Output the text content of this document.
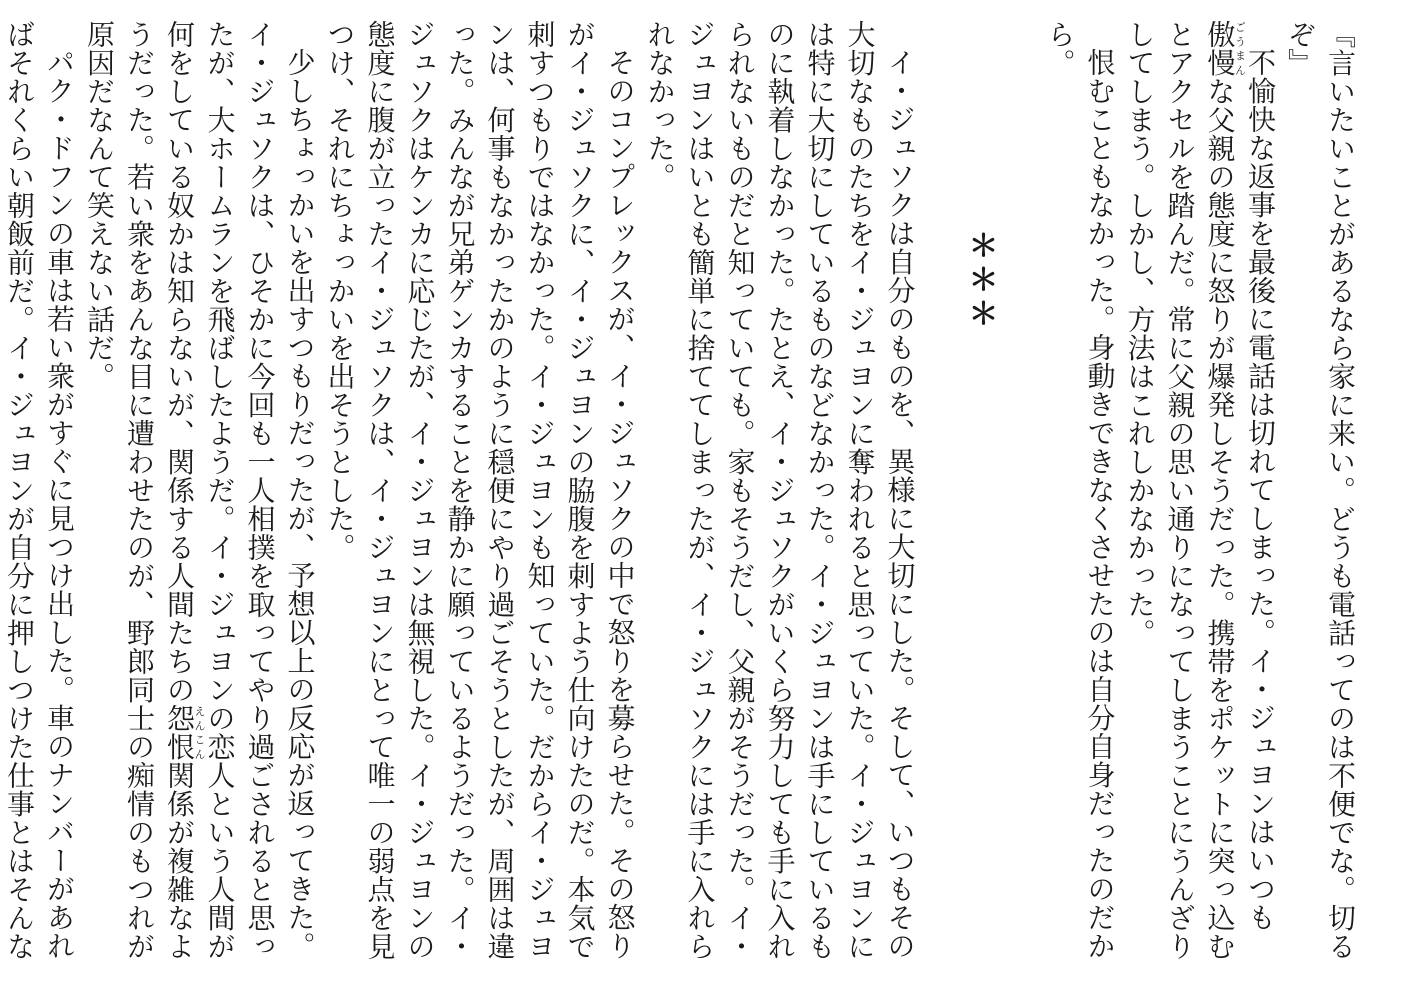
『言いたいことがあるなら家に来い。どうも電話ってのは不便でな。切るぞ』

不愉快な返事を最後に電話は切れてしまった。イ・ジュヨンはいつも傲慢ごうまんな父親の態度に怒りが爆発しそうだった。携帯をポケットに突っ込むとアクセルを踏んだ。常に父親の思い通りになってしまうことにうんざりしてしまう。しかし、方法はこれしかなかった。

恨むこともなかった。身動きできなくさせたのは自分自身だったのだから。

＊＊＊

イ・ジュソクは自分のものを、異様に大切にした。そして、いつもその大切なものたちをイ・ジュヨンに奪われると思っていた。イ・ジュヨンには特に大切にしているものなどなかった。イ・ジュヨンは手にしているものに執着しなかった。たとえ、イ・ジュソクがいくら努力しても手に入れられないものだと知っていても。家もそうだし、父親がそうだった。イ・ジュヨンはいとも簡単に捨ててしまったが、イ・ジュソクには手に入れられなかった。

そのコンプレックスが、イ・ジュソクの中で怒りを募らせた。その怒りがイ・ジュソクに、イ・ジュヨンの脇腹を刺すよう仕向けたのだ。本気で刺すつもりではなかった。イ・ジュヨンも知っていた。だからイ・ジュヨンは、何事もなかったかのように穏便にやり過ごそうとしたが、周囲は違った。みんなが兄弟ゲンカすることを静かに願っているようだった。イ・ジュソクはケンカに応じたが、イ・ジュヨンは無視した。イ・ジュヨンの態度に腹が立ったイ・ジュソクは、イ・ジュヨンにとって唯一の弱点を見つけ、それにちょっかいを出そうとした。

少しちょっかいを出すつもりだったが、予想以上の反応が返ってきた。イ・ジュソクは、ひそかに今回も一人相撲を取ってやり過ごされると思ったが、大ホームランを飛ばしたようだ。イ・ジュヨンの恋人という人間が何をしている奴かは知らないが、関係する人間たちの怨恨えんこん関係が複雑なようだった。若い衆をあんな目に遭わせたのが、野郎同士の痴情のもつれが原因だなんて笑えない話だ。

パク・ドフンの車は若い衆がすぐに見つけ出した。車のナンバーがあればそれくらい朝飯前だ。イ・ジュヨンが自分に押しつけた仕事とはそんな
